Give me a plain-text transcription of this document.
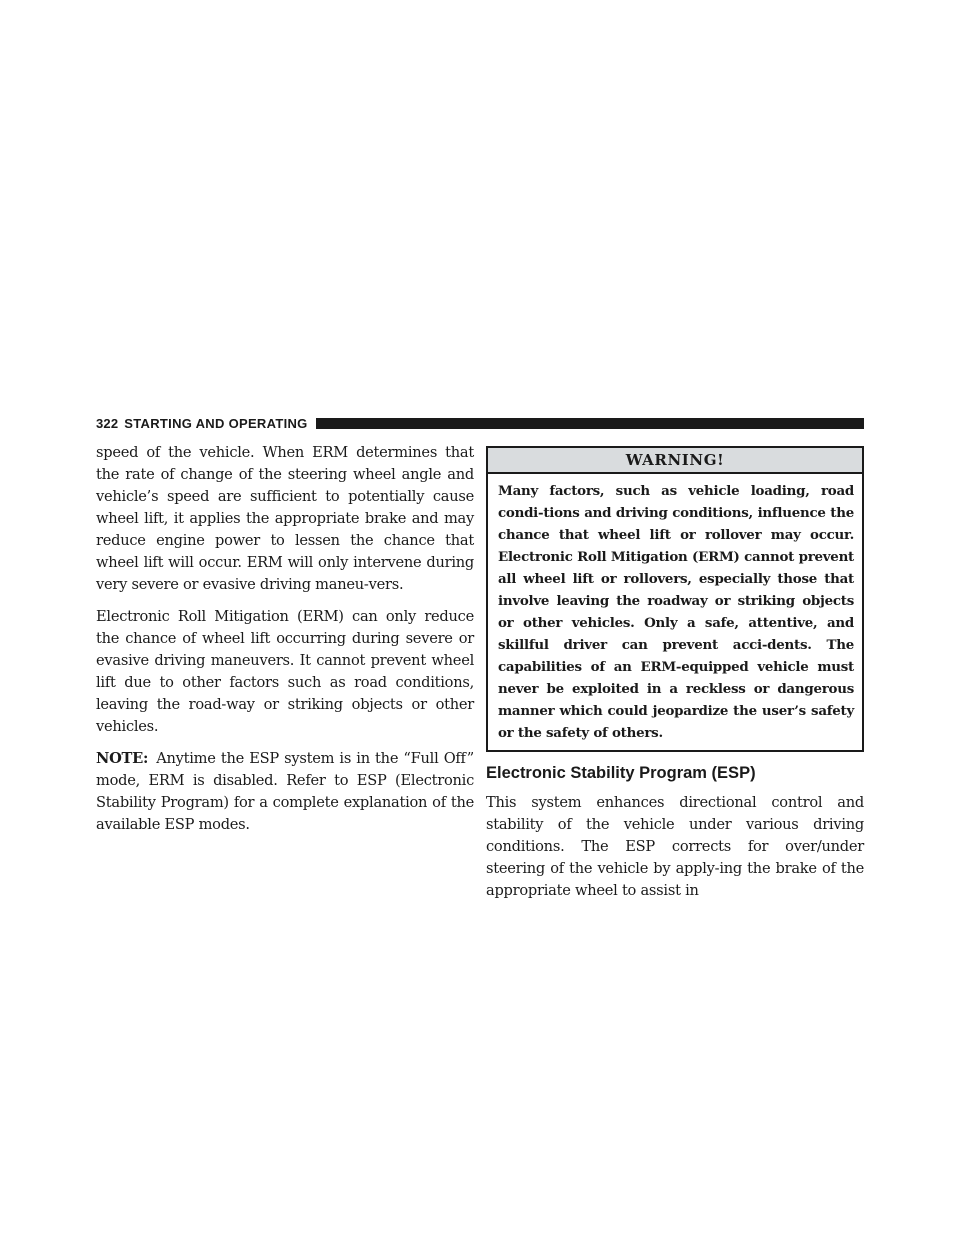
322 STARTING AND OPERATING

speed of the vehicle. When ERM determines that the rate of change of the steering wheel angle and vehicle’s speed are sufficient to potentially cause wheel lift, it applies the appropriate brake and may reduce engine power to lessen the chance that wheel lift will occur. ERM will only intervene during very severe or evasive driving maneu-vers.

Electronic Roll Mitigation (ERM) can only reduce the chance of wheel lift occurring during severe or evasive driving maneuvers. It cannot prevent wheel lift due to other factors such as road conditions, leaving the road-way or striking objects or other vehicles.

NOTE: Anytime the ESP system is in the “Full Off” mode, ERM is disabled. Refer to ESP (Electronic Stability Program) for a complete explanation of the available ESP modes.

WARNING!
Many factors, such as vehicle loading, road condi-tions and driving conditions, influence the chance that wheel lift or rollover may occur. Electronic Roll Mitigation (ERM) cannot prevent all wheel lift or rollovers, especially those that involve leaving the roadway or striking objects or other vehicles. Only a safe, attentive, and skillful driver can prevent acci-dents. The capabilities of an ERM-equipped vehicle must never be exploited in a reckless or dangerous manner which could jeopardize the user’s safety or the safety of others.
Electronic Stability Program (ESP)

This system enhances directional control and stability of the vehicle under various driving conditions. The ESP corrects for over/under steering of the vehicle by apply-ing the brake of the appropriate wheel to assist in
